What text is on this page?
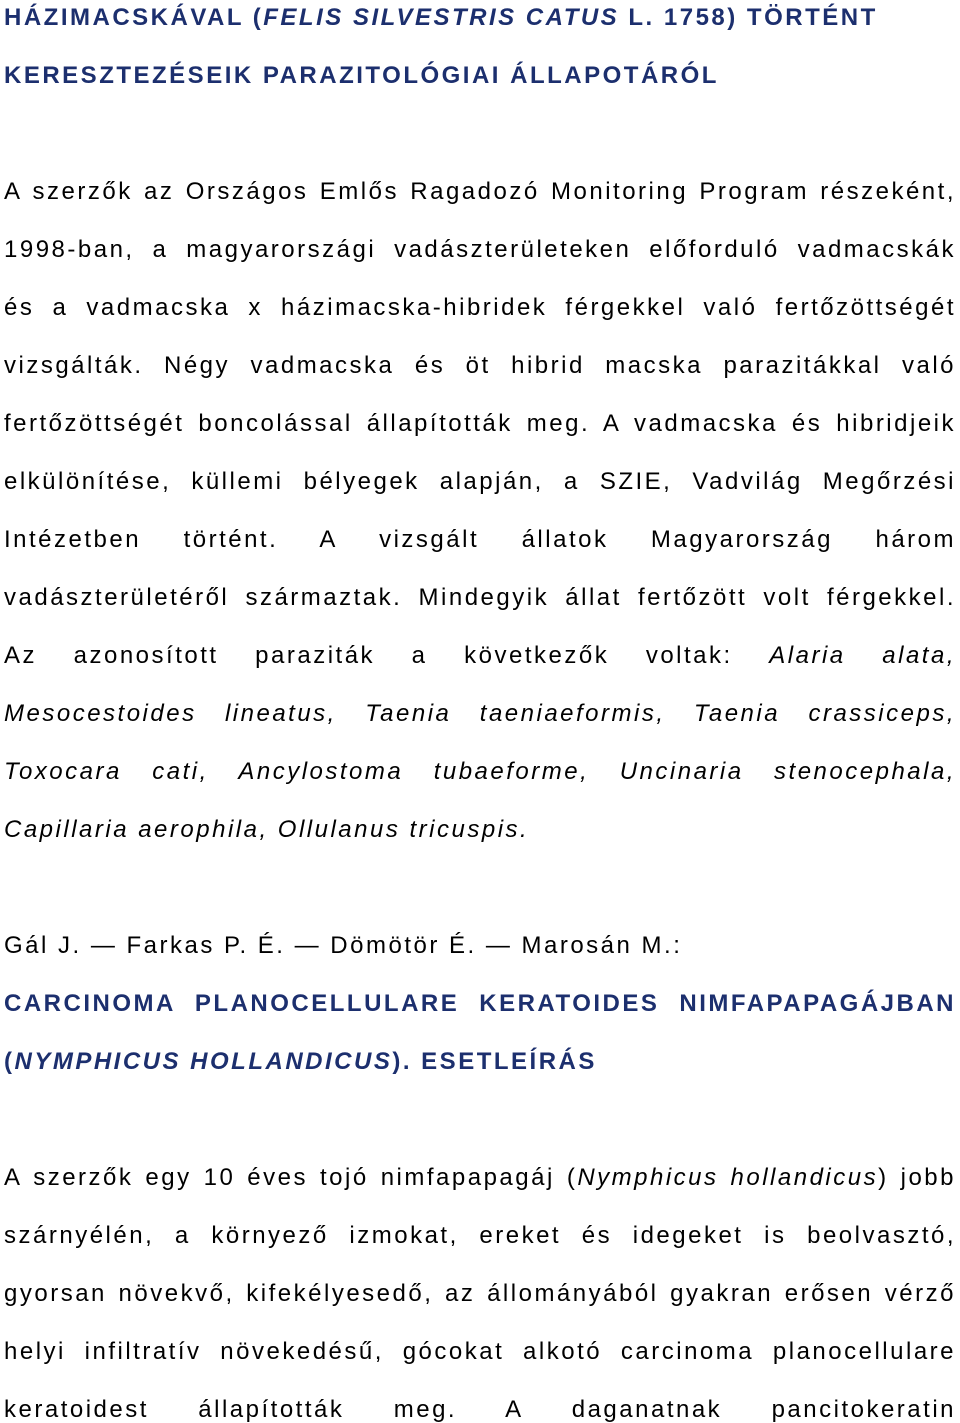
HÁZIMACSKÁVAL (FELIS SILVESTRIS CATUS L. 1758) TÖRTÉNT
KERESZTEZÉSEIK PARAZITOLÓGIAI ÁLLAPOTÁRÓL

A szerzők az Országos Emlős Ragadozó Monitoring Program részeként,

1998-ban, a magyarországi vadászterületeken előforduló vadmacskák

és a vadmacska x házimacska-hibridek férgekkel való fertőzöttségét

vizsgálták. Négy vadmacska és öt hibrid macska parazitákkal való

fertőzöttségét boncolással állapították meg. A vadmacska és hibridjeik

elkülönítése, küllemi bélyegek alapján, a SZIE, Vadvilág Megőrzési

Intézetben történt. A vizsgált állatok Magyarország három

vadászterületéről származtak. Mindegyik állat fertőzött volt férgekkel.

Az azonosított paraziták a következők voltak: Alaria alata,

Mesocestoides lineatus, Taenia taeniaeformis, Taenia crassiceps,

Toxocara cati, Ancylostoma tubaeforme, Uncinaria stenocephala,

Capillaria aerophila, Ollulanus tricuspis.

Gál J. — Farkas P. É. — Dömötör É. — Marosán M.:

CARCINOMA PLANOCELLULARE KERATOIDES NIMFAPAPAGÁJBAN
(NYMPHICUS HOLLANDICUS). ESETLEÍRÁS

A szerzők egy 10 éves tojó nimfapapagáj (Nymphicus hollandicus) jobb

szárnyélén, a környező izmokat, ereket és idegeket is beolvasztó,

gyorsan növekvő, kifekélyesedő, az állományából gyakran erősen vérző

helyi infiltratív növekedésű, gócokat alkotó carcinoma planocellulare

keratoidest állapították meg. A daganatnak pancitokeratin
